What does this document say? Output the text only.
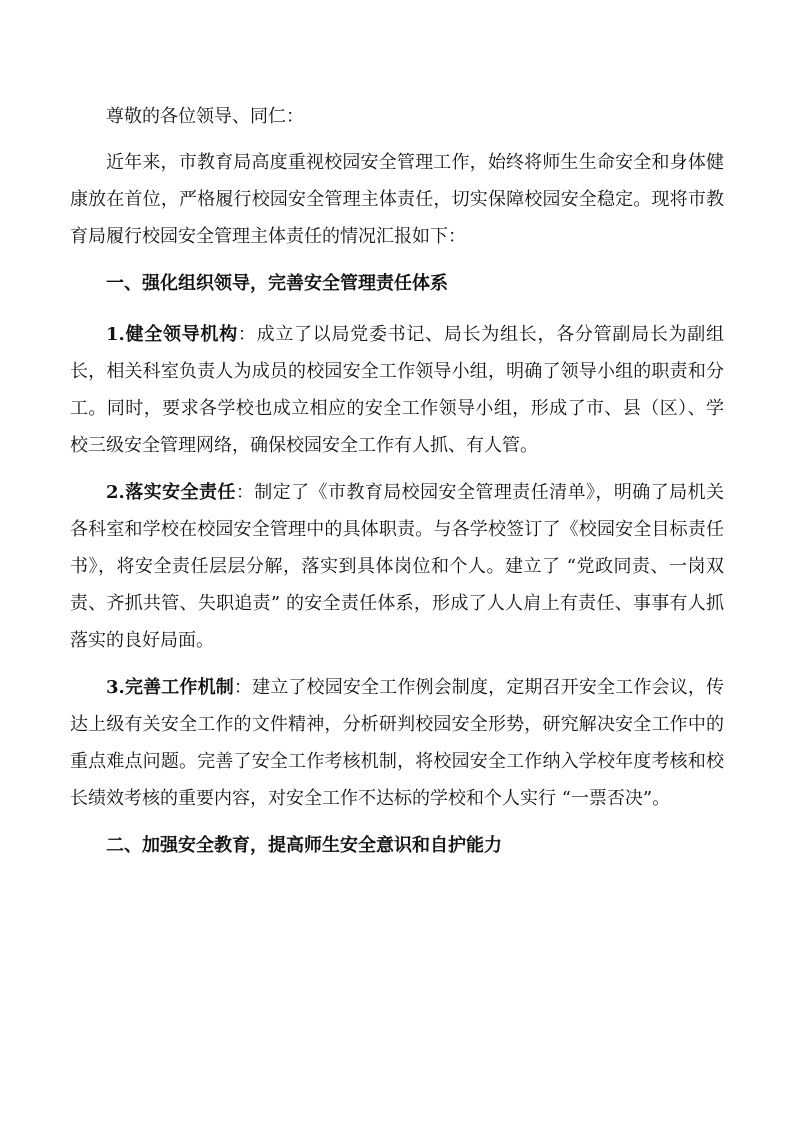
尊敬的各位领导、同仁：

近年来，市教育局高度重视校园安全管理工作，始终将师生生命安全和身体健康放在首位，严格履行校园安全管理主体责任，切实保障校园安全稳定。现将市教育局履行校园安全管理主体责任的情况汇报如下：

一、强化组织领导，完善安全管理责任体系

1.健全领导机构：成立了以局党委书记、局长为组长，各分管副局长为副组长，相关科室负责人为成员的校园安全工作领导小组，明确了领导小组的职责和分工。同时，要求各学校也成立相应的安全工作领导小组，形成了市、县（区）、学校三级安全管理网络，确保校园安全工作有人抓、有人管。

2.落实安全责任：制定了《市教育局校园安全管理责任清单》，明确了局机关各科室和学校在校园安全管理中的具体职责。与各学校签订了《校园安全目标责任书》，将安全责任层层分解，落实到具体岗位和个人。建立了 “党政同责、一岗双责、齐抓共管、失职追责” 的安全责任体系，形成了人人肩上有责任、事事有人抓落实的良好局面。

3.完善工作机制：建立了校园安全工作例会制度，定期召开安全工作会议，传达上级有关安全工作的文件精神，分析研判校园安全形势，研究解决安全工作中的重点难点问题。完善了安全工作考核机制，将校园安全工作纳入学校年度考核和校长绩效考核的重要内容，对安全工作不达标的学校和个人实行 “一票否决”。

二、加强安全教育，提高师生安全意识和自护能力
